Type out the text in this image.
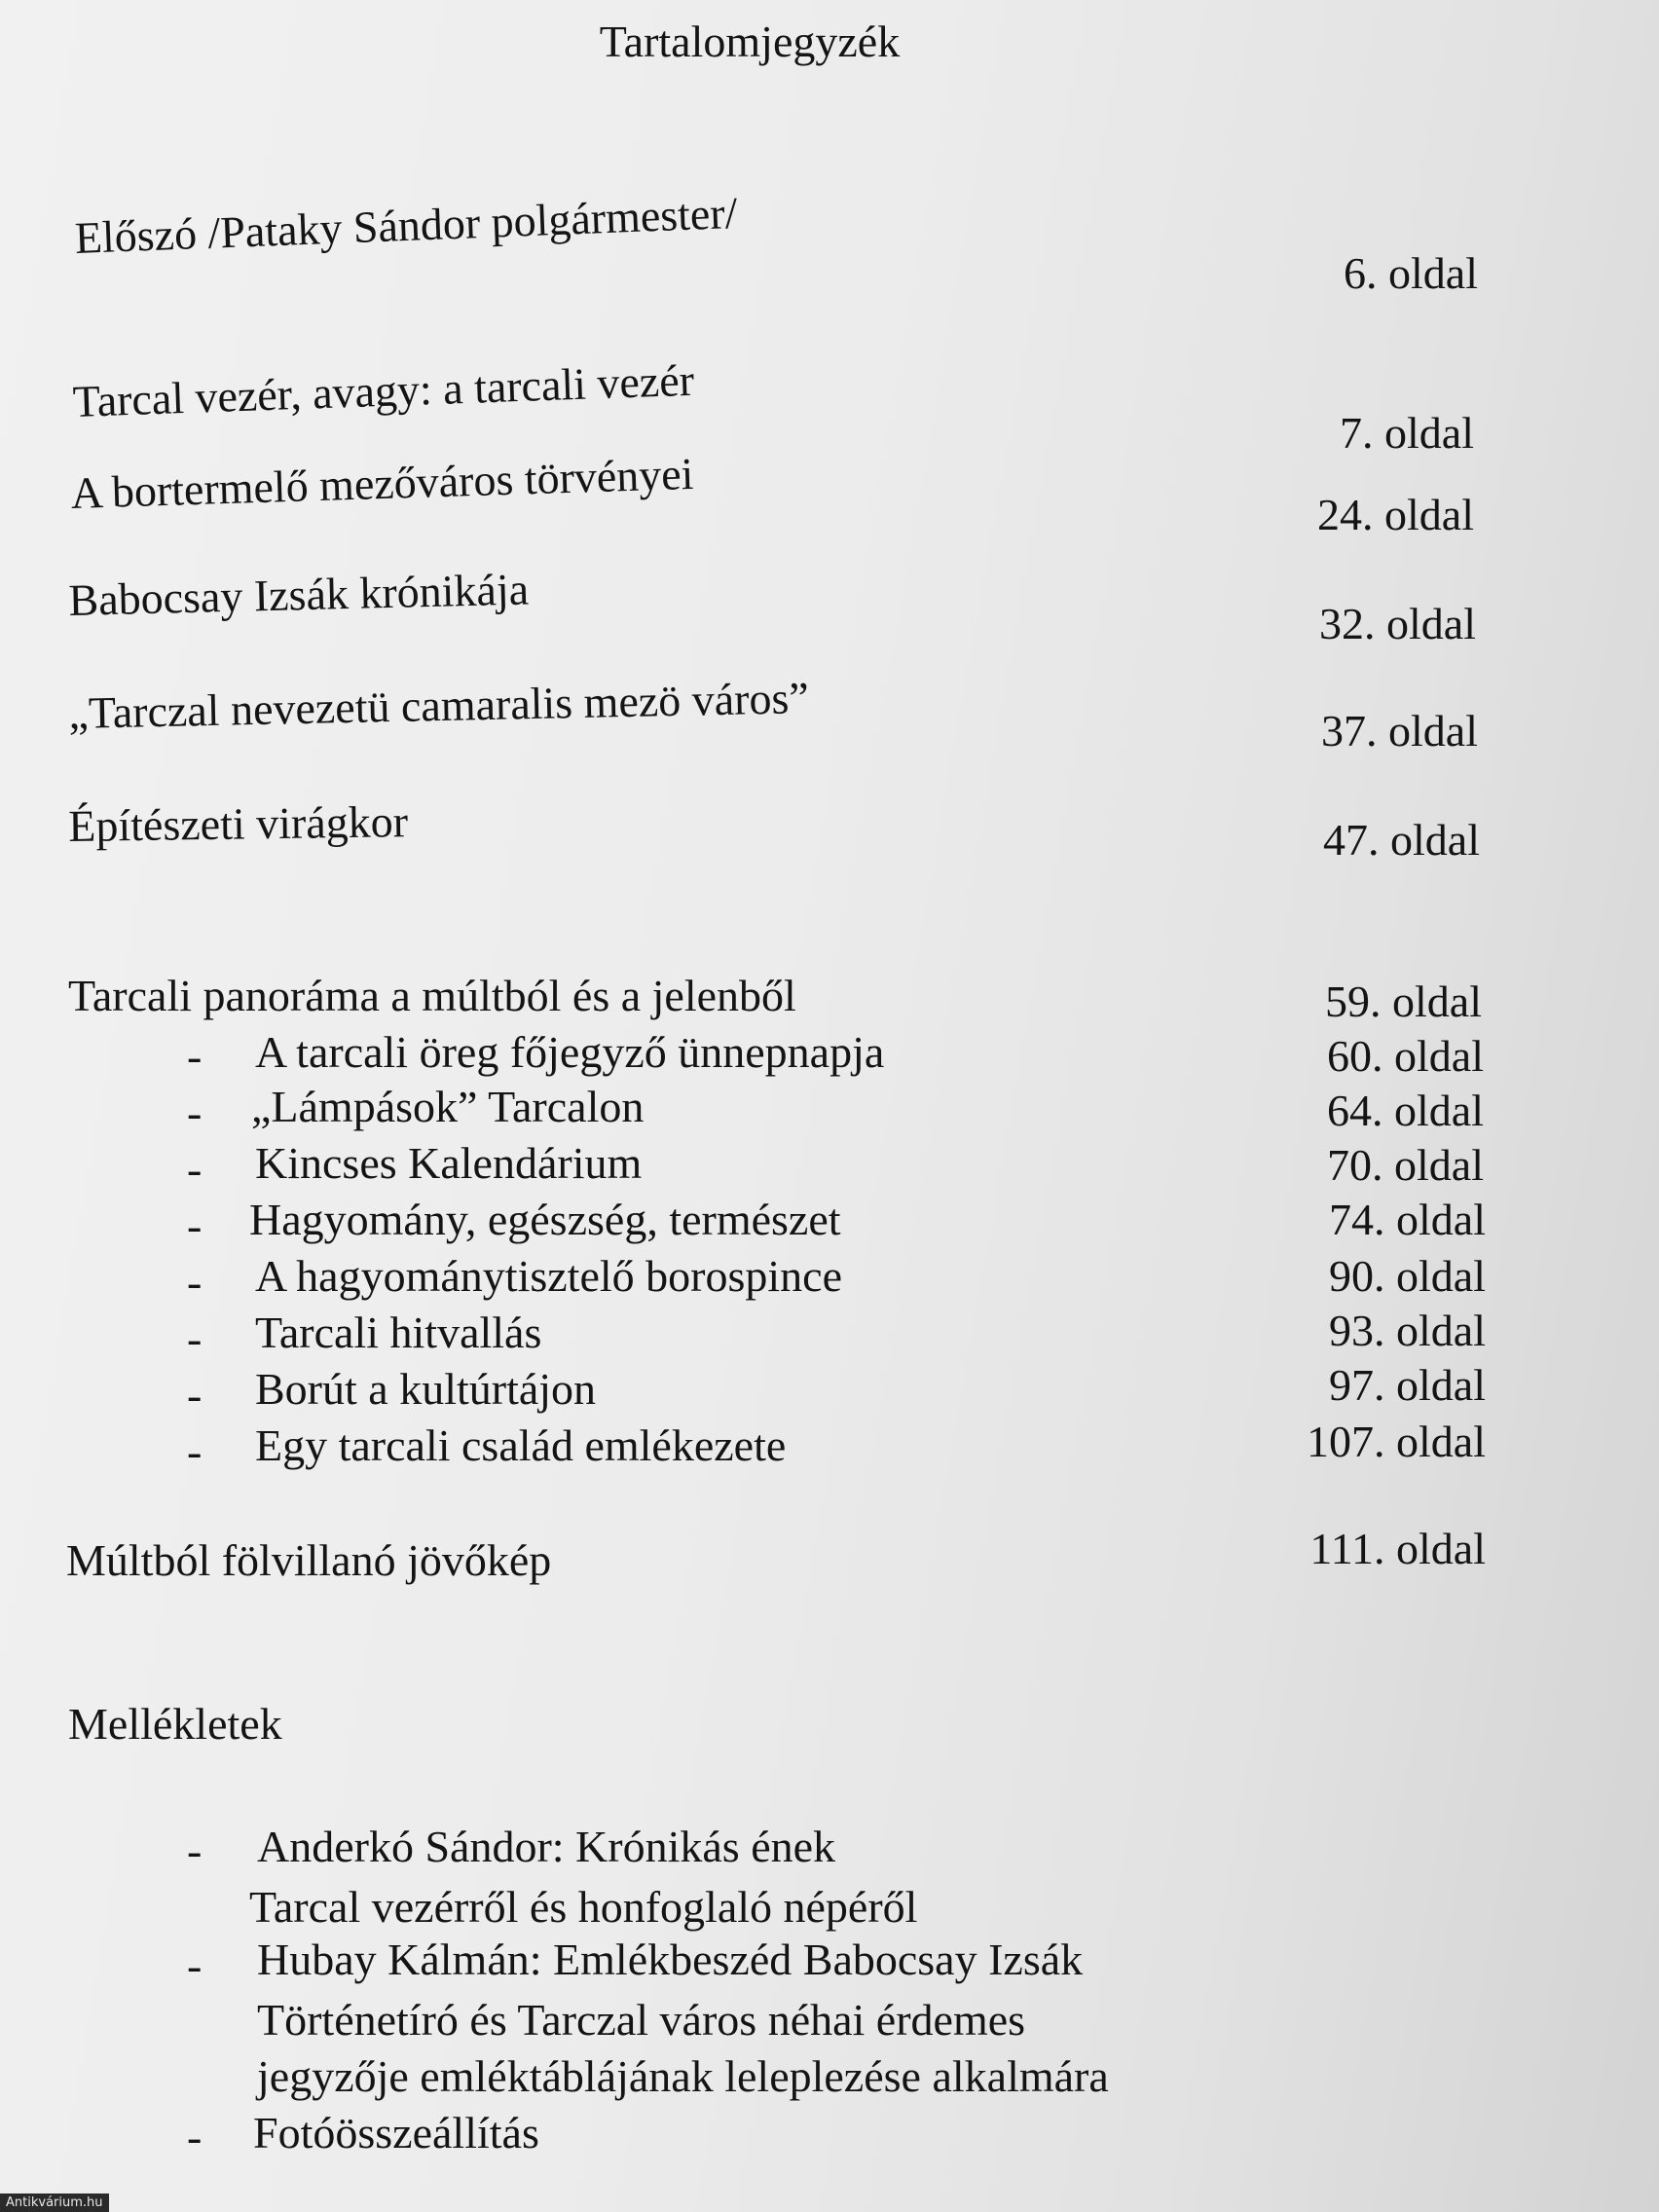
Tartalomjegyzék
Előszó /Pataky Sándor polgármester/
6. oldal
Tarcal vezér, avagy: a tarcali vezér
7. oldal
A bortermelő mezőváros törvényei	24. oldal
Babocsay Izsák krónikája	32. oldal
„Tarczal nevezetü camaralis mezö város”	37. oldal
Építészeti virágkor	47. oldal
Tarcali panoráma a múltból és a jelenből	59. oldal
- A tarcali öreg főjegyző ünnepnapja	60. oldal
- „Lámpások” Tarcalon	64. oldal
- Kincses Kalendárium	70. oldal
- Hagyomány, egészség, természet	74. oldal
- A hagyománytisztelő borospince	90. oldal
- Tarcali hitvallás	93. oldal
- Borút a kultúrtájon	97. oldal
- Egy tarcali család emlékezete	107. oldal
Múltból fölvillanó jövőkép	111. oldal
Mellékletek
- Anderkó Sándor: Krónikás ének
Tarcal vezérről és honfoglaló népéről
- Hubay Kálmán: Emlékbeszéd Babocsay Izsák
Történetíró és Tarczal város néhai érdemes
jegyzője emléktáblájának leleplezése alkalmára
- Fotóösszeállítás
Antikvárium.hu
